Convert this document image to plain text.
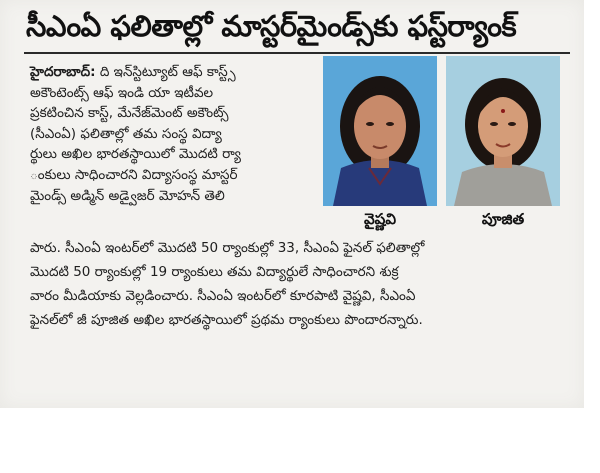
సీఎంఏ ఫలితాల్లో మాస్టర్‌మైండ్స్‌కు ఫస్ట్‌ర్యాంక్

హైదరాబాద్‌: ది ఇన్‌స్టిట్యూట్‌ ఆఫ్‌ కాస్ట్స్‌

అకౌంటెంట్స్‌ ఆఫ్‌ ఇండి యా ఇటీవల

ప్రకటించిన కాస్ట్‌, మేనేజ్‌మెంట్‌ అకౌంట్స్‌

(సీఎంఏ) ఫలితాల్లో తమ సంస్థ విద్యా

ర్థులు అఖిల భారతస్థాయిలో మొదటి ర్యా

ంకులు సాధించారని విద్యాసంస్థ మాస్టర్‌

మైండ్స్‌ అడ్మిన్‌ అడ్వైజర్‌ మోహన్‌ తెలి

పారు. సీఎంఏ ఇంటర్‌లో మొదటి 50 ర్యాంకుల్లో 33, సీఎంఏ ఫైనల్‌ ఫలితాల్లో

మొదటి 50 ర్యాంకుల్లో 19 ర్యాంకులు తమ విద్యార్థులే సాధించారని శుక్ర

వారం మీడియాకు వెల్లడించారు. సీఎంఏ ఇంటర్‌లో కూరపాటి వైష్ణవి, సీఎంఏ

ఫైనల్‌లో జీ పూజిత అఖిల భారతస్థాయిలో ప్రథమ ర్యాంకులు పొందారన్నారు.

వైష్ణవి	పూజిత
